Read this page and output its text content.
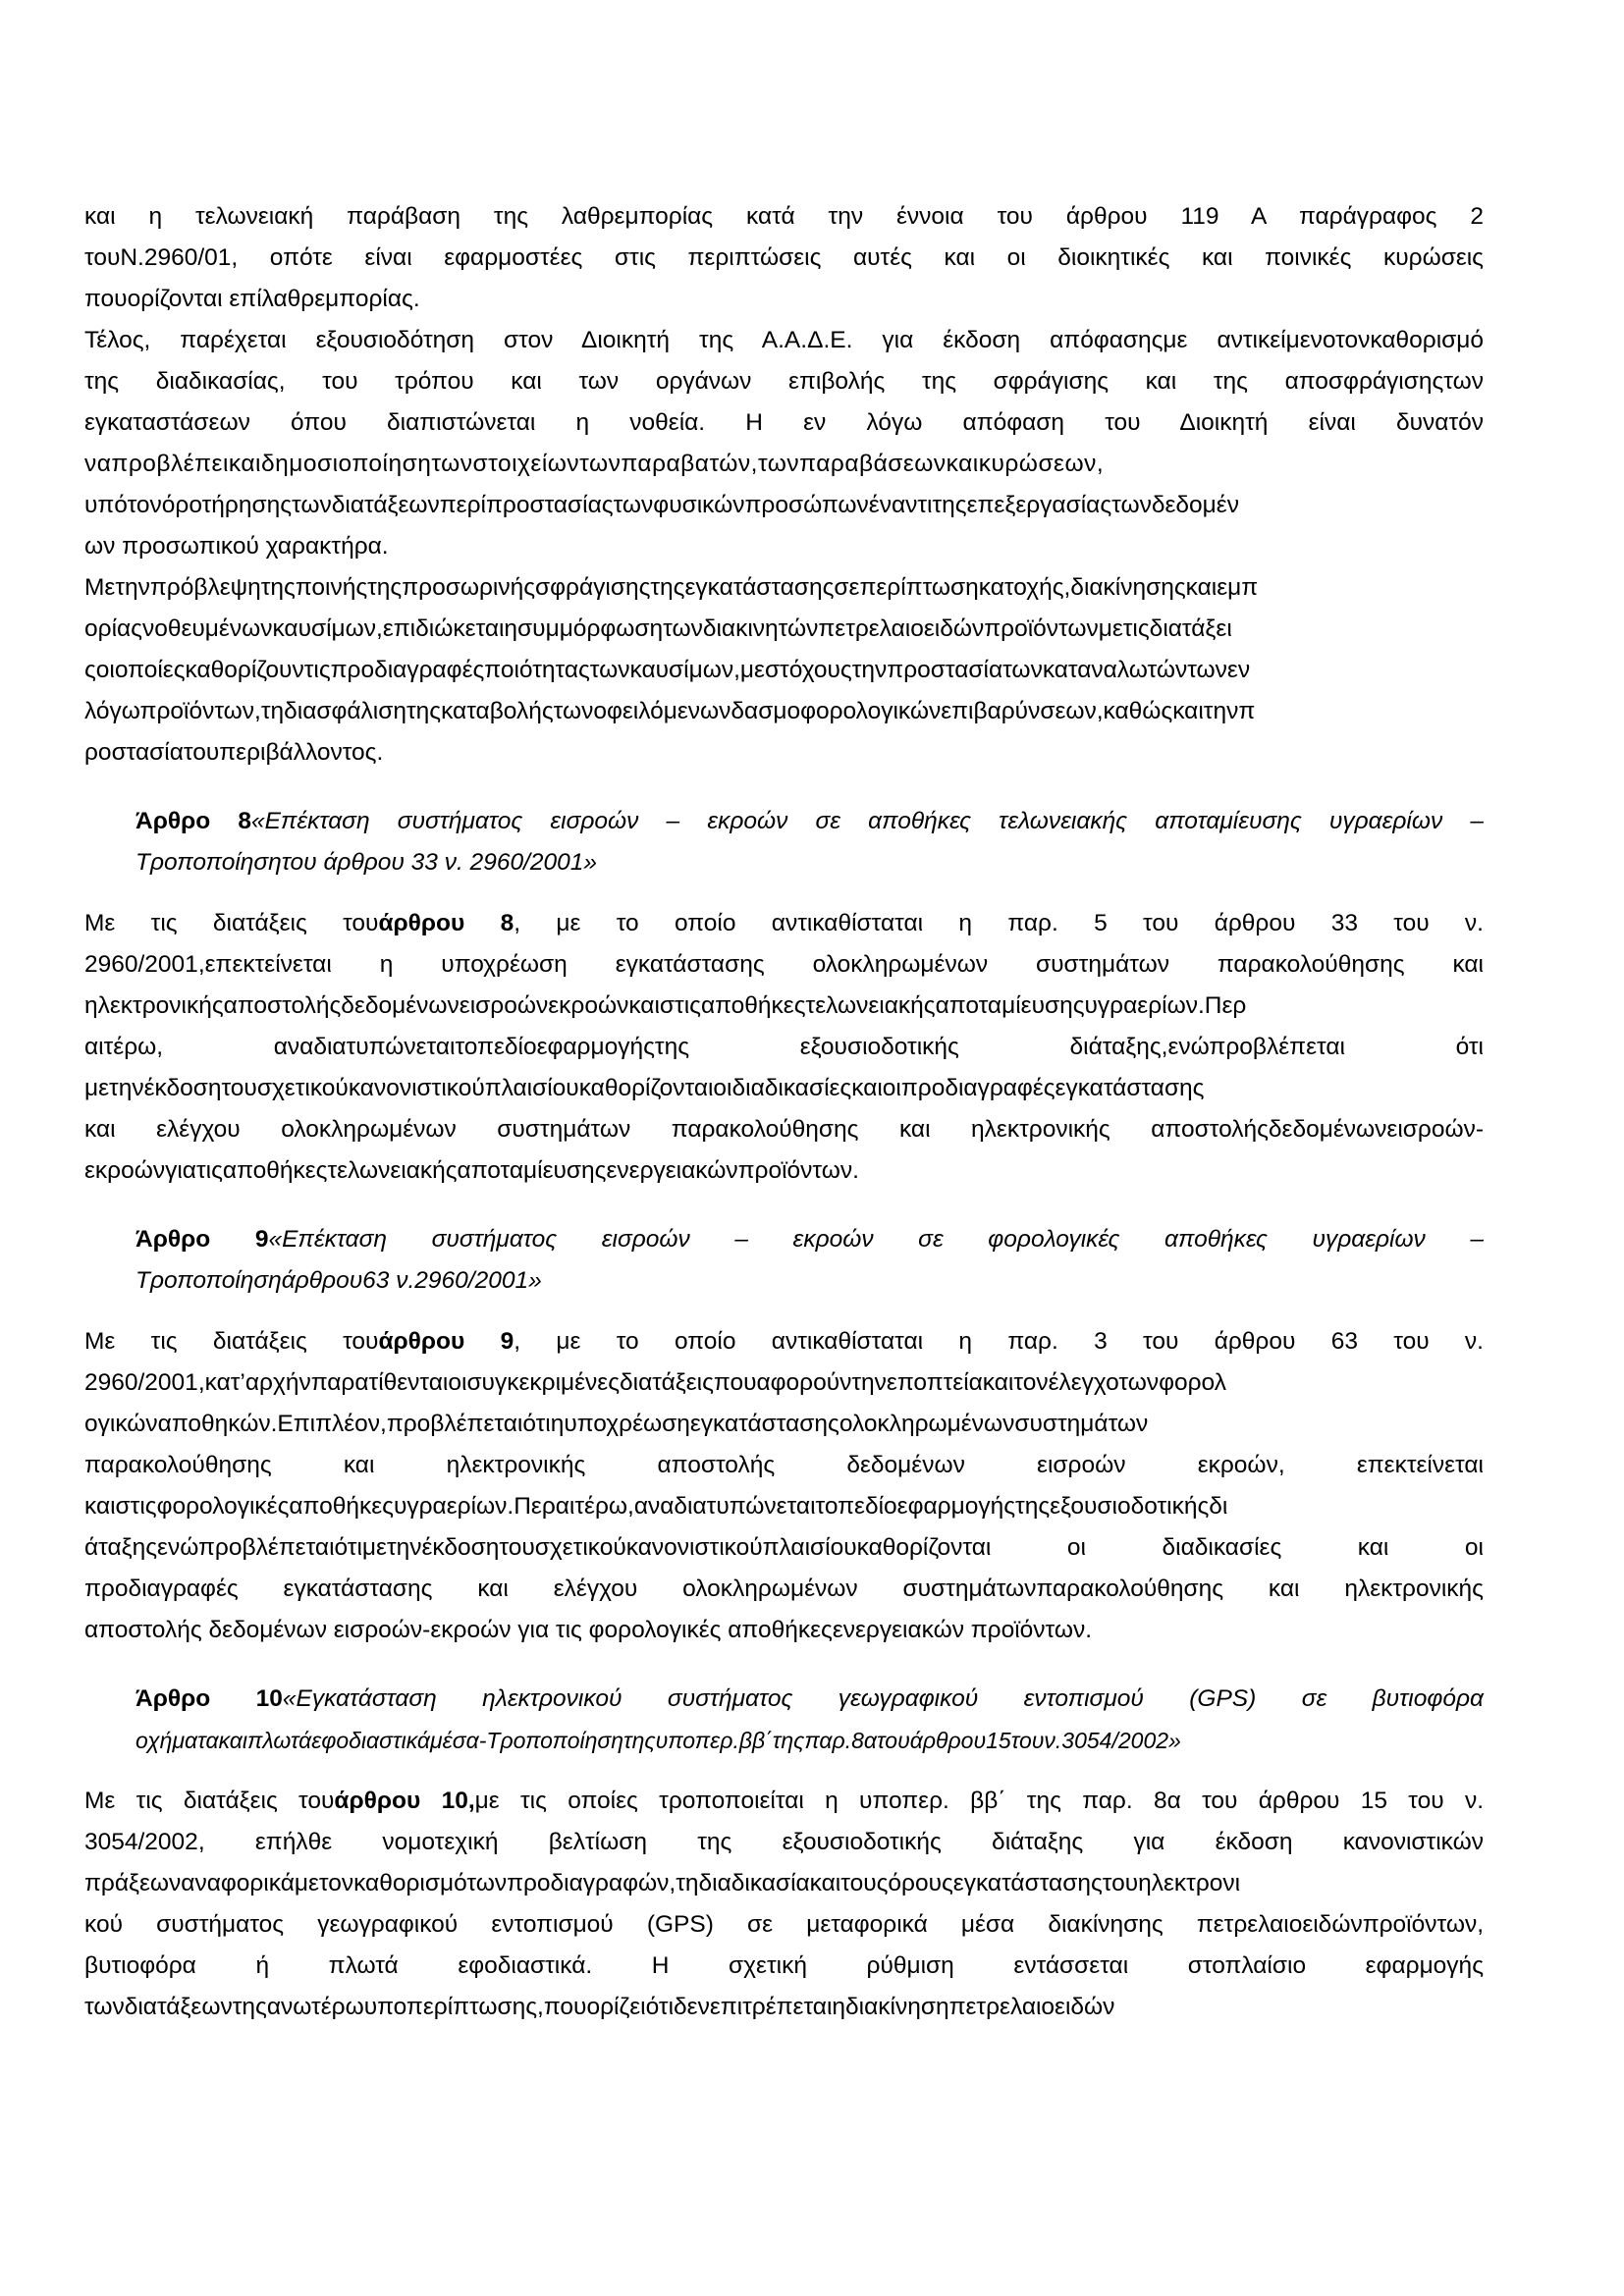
και η τελωνειακή παράβαση της λαθρεμπορίας κατά την έννοια του άρθρου 119 Α παράγραφος 2

τουΝ.2960/01, οπότε είναι εφαρμοστέες στις περιπτώσεις αυτές και οι διοικητικές και ποινικές κυρώσεις

πουορίζονται επίλαθρεμπορίας.

Τέλος, παρέχεται εξουσιοδότηση στον Διοικητή της Α.Α.Δ.Ε. για έκδοση απόφασηςμε αντικείμενοτονκαθορισμό

της διαδικασίας, του τρόπου και των οργάνων επιβολής της σφράγισης και της αποσφράγισηςτων

εγκαταστάσεων όπου διαπιστώνεται η νοθεία. Η εν λόγω απόφαση του Διοικητή είναι δυνατόν

ναπροβλέπεικαιδημοσιοποίησητωνστοιχείωντωνπαραβατών,τωνπαραβάσεωνκαικυρώσεων,

υπότονόροτήρησηςτωνδιατάξεωνπερίπροστασίαςτωνφυσικώνπροσώπωνέναντιτηςεπεξεργασίαςτωνδεδομέν

ων προσωπικού χαρακτήρα.

Μετηνπρόβλεψητηςποινήςτηςπροσωρινήςσφράγισηςτηςεγκατάστασηςσεπερίπτωσηκατοχής,διακίνησηςκαιεμπ

ορίαςνοθευμένωνκαυσίμων,επιδιώκεταιησυμμόρφωσητωνδιακινητώνπετρελαιοειδώνπροϊόντωνμετιςδιατάξει

ςοιοποίεςκαθορίζουντιςπροδιαγραφέςποιότηταςτωνκαυσίμων,μεστόχουςτηνπροστασίατωνκαταναλωτώντωνεν

λόγωπροϊόντων,τηδιασφάλισητηςκαταβολήςτωνοφειλόμενωνδασμοφορολογικώνεπιβαρύνσεων,καθώςκαιτηνπ

ροστασίατουπεριβάλλοντος.

Άρθρο 8«Επέκταση συστήματος εισροών – εκροών σε αποθήκες τελωνειακής αποταμίευσης υγραερίων –

Τροποποίησητου άρθρου 33 ν. 2960/2001»

Με τις διατάξεις τουάρθρου 8, με το οποίο αντικαθίσταται η παρ. 5 του άρθρου 33 του ν.

2960/2001,επεκτείνεται η υποχρέωση εγκατάστασης ολοκληρωμένων συστημάτων παρακολούθησης και

ηλεκτρονικήςαποστολήςδεδομένωνεισροώνεκροώνκαιστιςαποθήκεςτελωνειακήςαποταμίευσηςυγραερίων.Περ

αιτέρω, αναδιατυπώνεταιτοπεδίοεφαρμογήςτης εξουσιοδοτικής διάταξης,ενώπροβλέπεται ότι

μετηνέκδοσητουσχετικούκανονιστικούπλαισίουκαθορίζονταιοιδιαδικασίεςκαιοιπροδιαγραφέςεγκατάστασης

και ελέγχου ολοκληρωμένων συστημάτων παρακολούθησης και ηλεκτρονικής αποστολήςδεδομένωνεισροών-

εκροώνγιατιςαποθήκεςτελωνειακήςαποταμίευσηςενεργειακώνπροϊόντων.

Άρθρο 9«Επέκταση συστήματος εισροών – εκροών σε φορολογικές αποθήκες υγραερίων –

Τροποποίησηάρθρου63 ν.2960/2001»

Με τις διατάξεις τουάρθρου 9, με το οποίο αντικαθίσταται η παρ. 3 του άρθρου 63 του ν.

2960/2001,κατ’αρχήνπαρατίθενταιοισυγκεκριμένεςδιατάξειςπουαφορούντηνεποπτείακαιτονέλεγχοτωνφορολ

ογικώναποθηκών.Επιπλέον,προβλέπεταιότιηυποχρέωσηεγκατάστασηςολοκληρωμένωνσυστημάτων

παρακολούθησης και ηλεκτρονικής αποστολής δεδομένων εισροών εκροών, επεκτείνεται

καιστιςφορολογικέςαποθήκεςυγραερίων.Περαιτέρω,αναδιατυπώνεταιτοπεδίοεφαρμογήςτηςεξουσιοδοτικήςδι

άταξηςενώπροβλέπεταιότιμετηνέκδοσητουσχετικούκανονιστικούπλαισίουκαθορίζονται οι διαδικασίες και οι

προδιαγραφές εγκατάστασης και ελέγχου ολοκληρωμένων συστημάτωνπαρακολούθησης και ηλεκτρονικής

αποστολής δεδομένων εισροών-εκροών για τις φορολογικές αποθήκεςενεργειακών προϊόντων.

Άρθρο 10«Εγκατάσταση ηλεκτρονικού συστήματος γεωγραφικού εντοπισμού (GPS) σε βυτιοφόρα

οχήματακαιπλωτάεφοδιαστικάμέσα-Τροποποίησητηςυποπερ.ββ΄τηςπαρ.8ατουάρθρου15τουν.3054/2002»

Με τις διατάξεις τουάρθρου 10,με τις οποίες τροποποιείται η υποπερ. ββ΄ της παρ. 8α του άρθρου 15 του ν.

3054/2002, επήλθε νομοτεχική βελτίωση της εξουσιοδοτικής διάταξης για έκδοση κανονιστικών

πράξεωναναφορικάμετονκαθορισμότωνπροδιαγραφών,τηδιαδικασίακαιτουςόρουςεγκατάστασηςτουηλεκτρονι

κού συστήματος γεωγραφικού εντοπισμού (GPS) σε μεταφορικά μέσα διακίνησης πετρελαιοειδώνπροϊόντων,

βυτιοφόρα ή πλωτά εφοδιαστικά. Η σχετική ρύθμιση εντάσσεται στοπλαίσιο εφαρμογής

τωνδιατάξεωντηςανωτέρωυποπερίπτωσης,πουορίζειότιδενεπιτρέπεταιηδιακίνησηπετρελαιοειδών
